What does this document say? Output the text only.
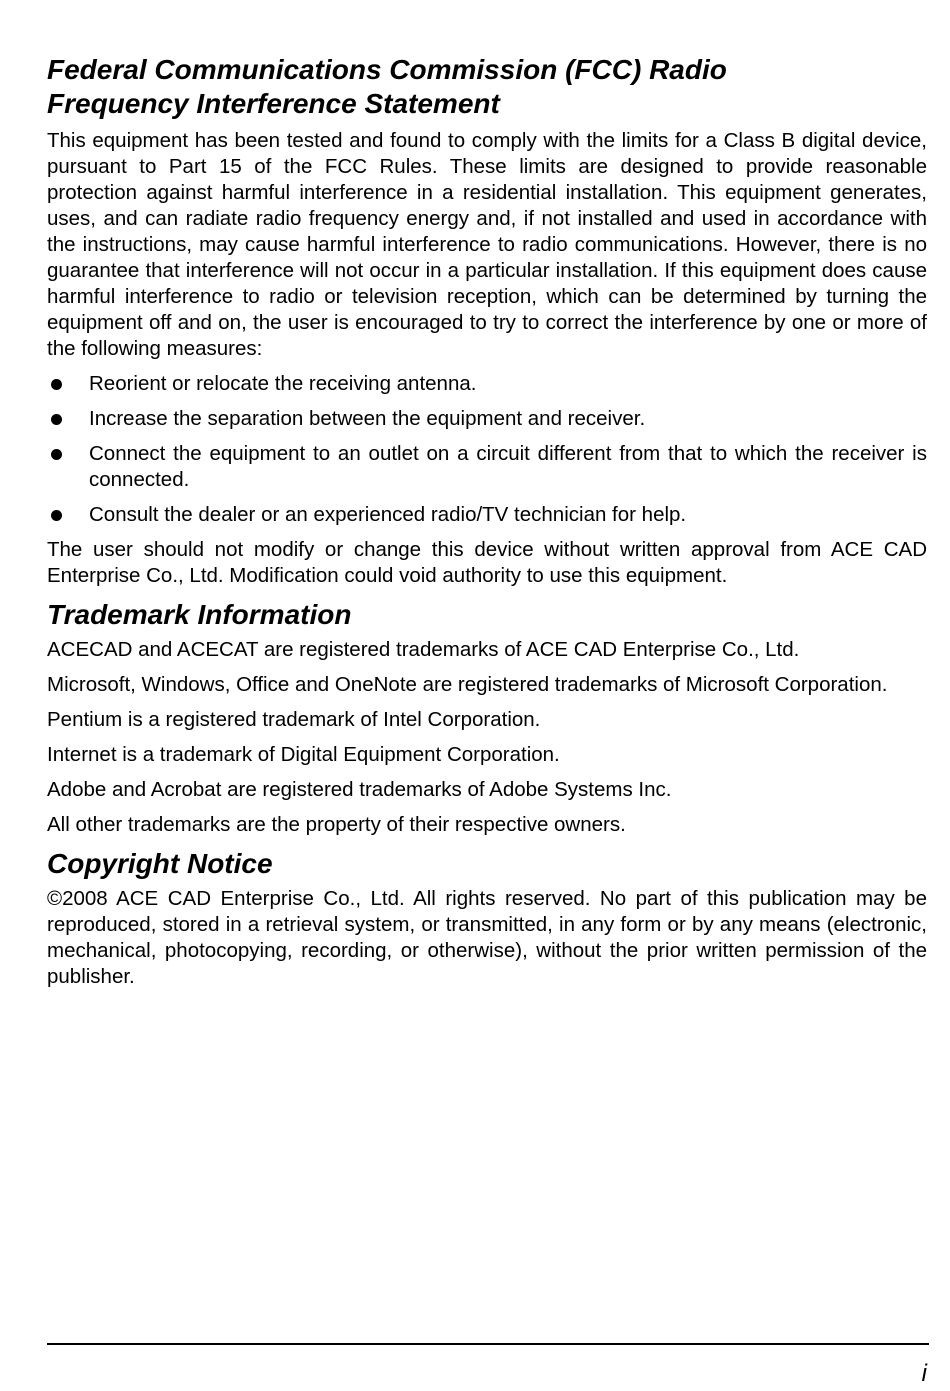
Federal Communications Commission (FCC) Radio Frequency Interference Statement

This equipment has been tested and found to comply with the limits for a Class B digital device, pursuant to Part 15 of the FCC Rules. These limits are designed to provide reasonable protection against harmful interference in a residential installation. This equipment generates, uses, and can radiate radio frequency energy and, if not installed and used in accordance with the instructions, may cause harmful interference to radio communications. However, there is no guarantee that interference will not occur in a particular installation. If this equipment does cause harmful interference to radio or television reception, which can be determined by turning the equipment off and on, the user is encouraged to try to correct the interference by one or more of the following measures:

Reorient or relocate the receiving antenna.
Increase the separation between the equipment and receiver.
Connect the equipment to an outlet on a circuit different from that to which the receiver is connected.
Consult the dealer or an experienced radio/TV technician for help.

The user should not modify or change this device without written approval from ACE CAD Enterprise Co., Ltd. Modification could void authority to use this equipment.

Trademark Information

ACECAD and ACECAT are registered trademarks of ACE CAD Enterprise Co., Ltd.

Microsoft, Windows, Office and OneNote are registered trademarks of Microsoft Corporation.

Pentium is a registered trademark of Intel Corporation.

Internet is a trademark of Digital Equipment Corporation.

Adobe and Acrobat are registered trademarks of Adobe Systems Inc.

All other trademarks are the property of their respective owners.

Copyright Notice

©2008 ACE CAD Enterprise Co., Ltd. All rights reserved. No part of this publication may be reproduced, stored in a retrieval system, or transmitted, in any form or by any means (electronic, mechanical, photocopying, recording, or otherwise), without the prior written permission of the publisher.

i
